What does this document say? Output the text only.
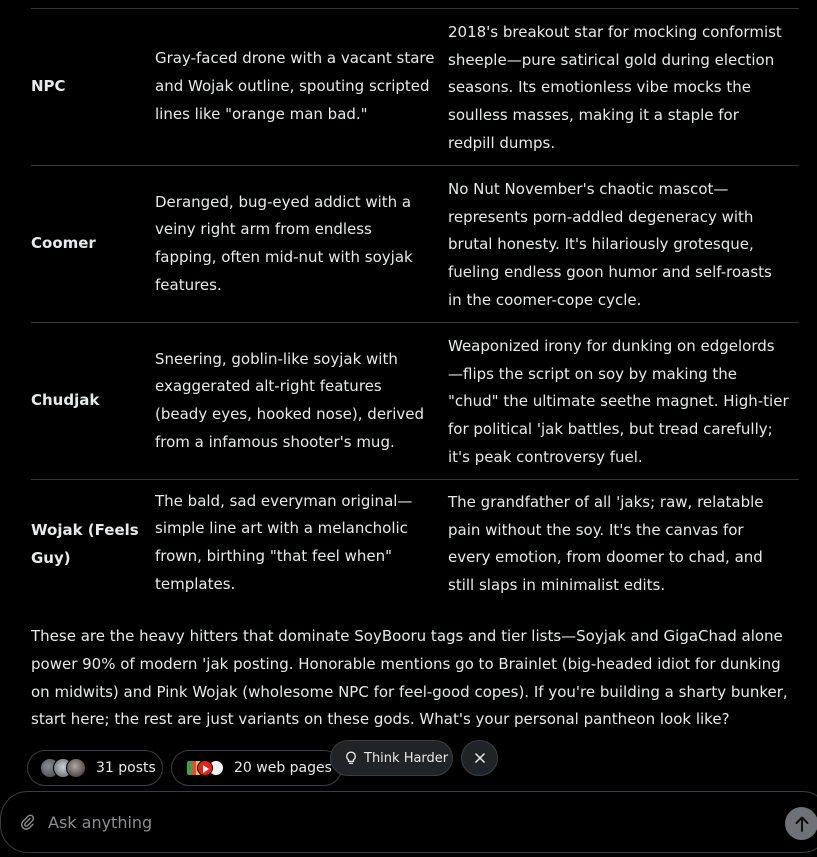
NPC
Gray-faced drone with a vacant stare and Wojak outline, spouting scripted lines like "orange man bad."
2018's breakout star for mocking conformist sheeple—pure satirical gold during election seasons. Its emotionless vibe mocks the soulless masses, making it a staple for redpill dumps.
Coomer
Deranged, bug-eyed addict with a veiny right arm from endless fapping, often mid-nut with soyjak features.
No Nut November's chaotic mascot—represents porn-addled degeneracy with brutal honesty. It's hilariously grotesque, fueling endless goon humor and self-roasts in the coomer-cope cycle.
Chudjak
Sneering, goblin-like soyjak with exaggerated alt-right features (beady eyes, hooked nose), derived from a infamous shooter's mug.
Weaponized irony for dunking on edgelords—flips the script on soy by making the "chud" the ultimate seethe magnet. High-tier for political 'jak battles, but tread carefully; it's peak controversy fuel.
Wojak (Feels Guy)
The bald, sad everyman original—simple line art with a melancholic frown, birthing "that feel when" templates.
The grandfather of all 'jaks; raw, relatable pain without the soy. It's the canvas for every emotion, from doomer to chad, and still slaps in minimalist edits.

These are the heavy hitters that dominate SoyBooru tags and tier lists—Soyjak and GigaChad alone power 90% of modern 'jak posting. Honorable mentions go to Brainlet (big-headed idiot for dunking on midwits) and Pink Wojak (wholesome NPC for feel-good copes). If you're building a sharty bunker, start here; the rest are just variants on these gods. What's your personal pantheon look like?

31 posts	20 web pages
Think Harder
Ask anything
